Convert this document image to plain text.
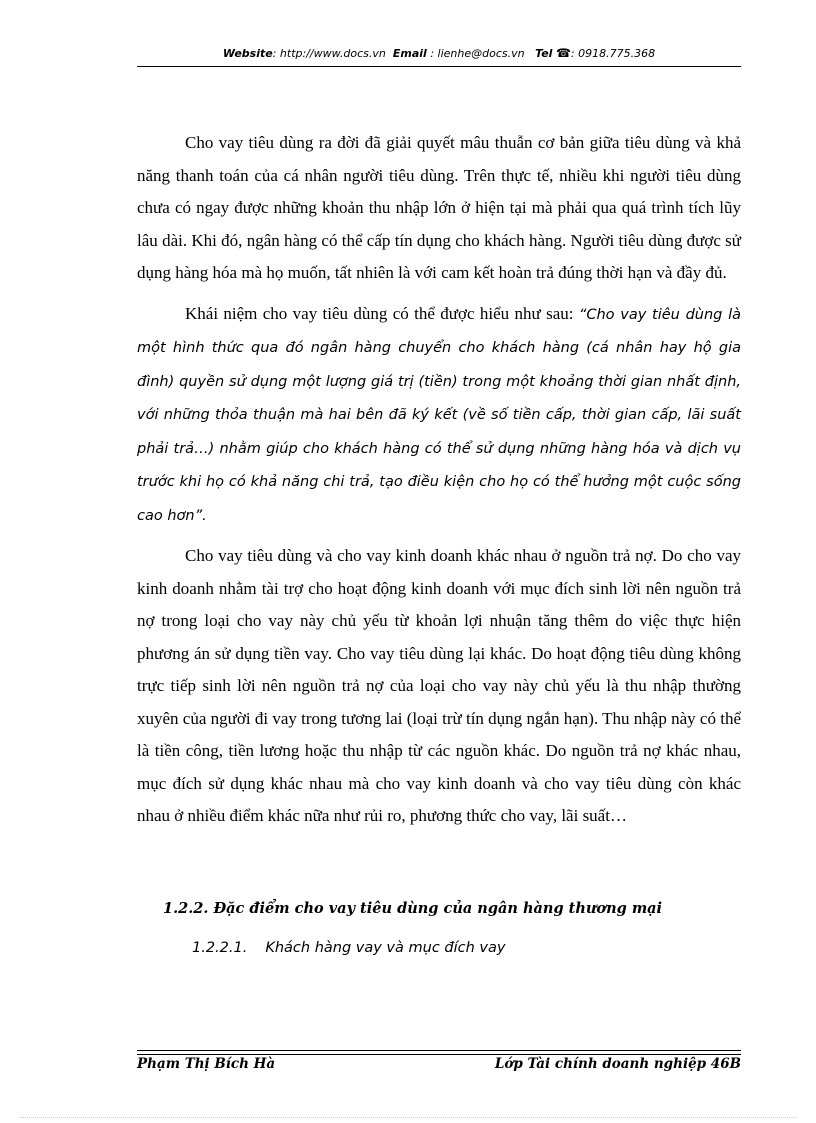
Website: http://www.docs.vn Email : lienhe@docs.vn Tel ☎: 0918.775.368

Cho vay tiêu dùng ra đời đã giải quyết mâu thuẫn cơ bản giữa tiêu dùng và khả năng thanh toán của cá nhân người tiêu dùng. Trên thực tế, nhiều khi người tiêu dùng chưa có ngay được những khoản thu nhập lớn ở hiện tại mà phải qua quá trình tích lũy lâu dài. Khi đó, ngân hàng có thể cấp tín dụng cho khách hàng. Người tiêu dùng được sử dụng hàng hóa mà họ muốn, tất nhiên là với cam kết hoàn trả đúng thời hạn và đầy đủ.

Khái niệm cho vay tiêu dùng có thể được hiểu như sau: “Cho vay tiêu dùng là một hình thức qua đó ngân hàng chuyển cho khách hàng (cá nhân hay hộ gia đình) quyền sử dụng một lượng giá trị (tiền) trong một khoảng thời gian nhất định, với những thỏa thuận mà hai bên đã ký kết (về số tiền cấp, thời gian cấp, lãi suất phải trả…) nhằm giúp cho khách hàng có thể sử dụng những hàng hóa và dịch vụ trước khi họ có khả năng chi trả, tạo điều kiện cho họ có thể hưởng một cuộc sống cao hơn”.

Cho vay tiêu dùng và cho vay kinh doanh khác nhau ở nguồn trả nợ. Do cho vay kinh doanh nhằm tài trợ cho hoạt động kinh doanh với mục đích sinh lời nên nguồn trả nợ trong loại cho vay này chủ yếu từ khoản lợi nhuận tăng thêm do việc thực hiện phương án sử dụng tiền vay. Cho vay tiêu dùng lại khác. Do hoạt động tiêu dùng không trực tiếp sinh lời nên nguồn trả nợ của loại cho vay này chủ yếu là thu nhập thường xuyên của người đi vay trong tương lai (loại trừ tín dụng ngắn hạn). Thu nhập này có thể là tiền công, tiền lương hoặc thu nhập từ các nguồn khác. Do nguồn trả nợ khác nhau, mục đích sử dụng khác nhau mà cho vay kinh doanh và cho vay tiêu dùng còn khác nhau ở nhiều điểm khác nữa như rủi ro, phương thức cho vay, lãi suất…

1.2.2. Đặc điểm cho vay tiêu dùng của ngân hàng thương mại
1.2.2.1. Khách hàng vay và mục đích vay
Phạm Thị Bích Hà	Lớp Tài chính doanh nghiệp 46B
